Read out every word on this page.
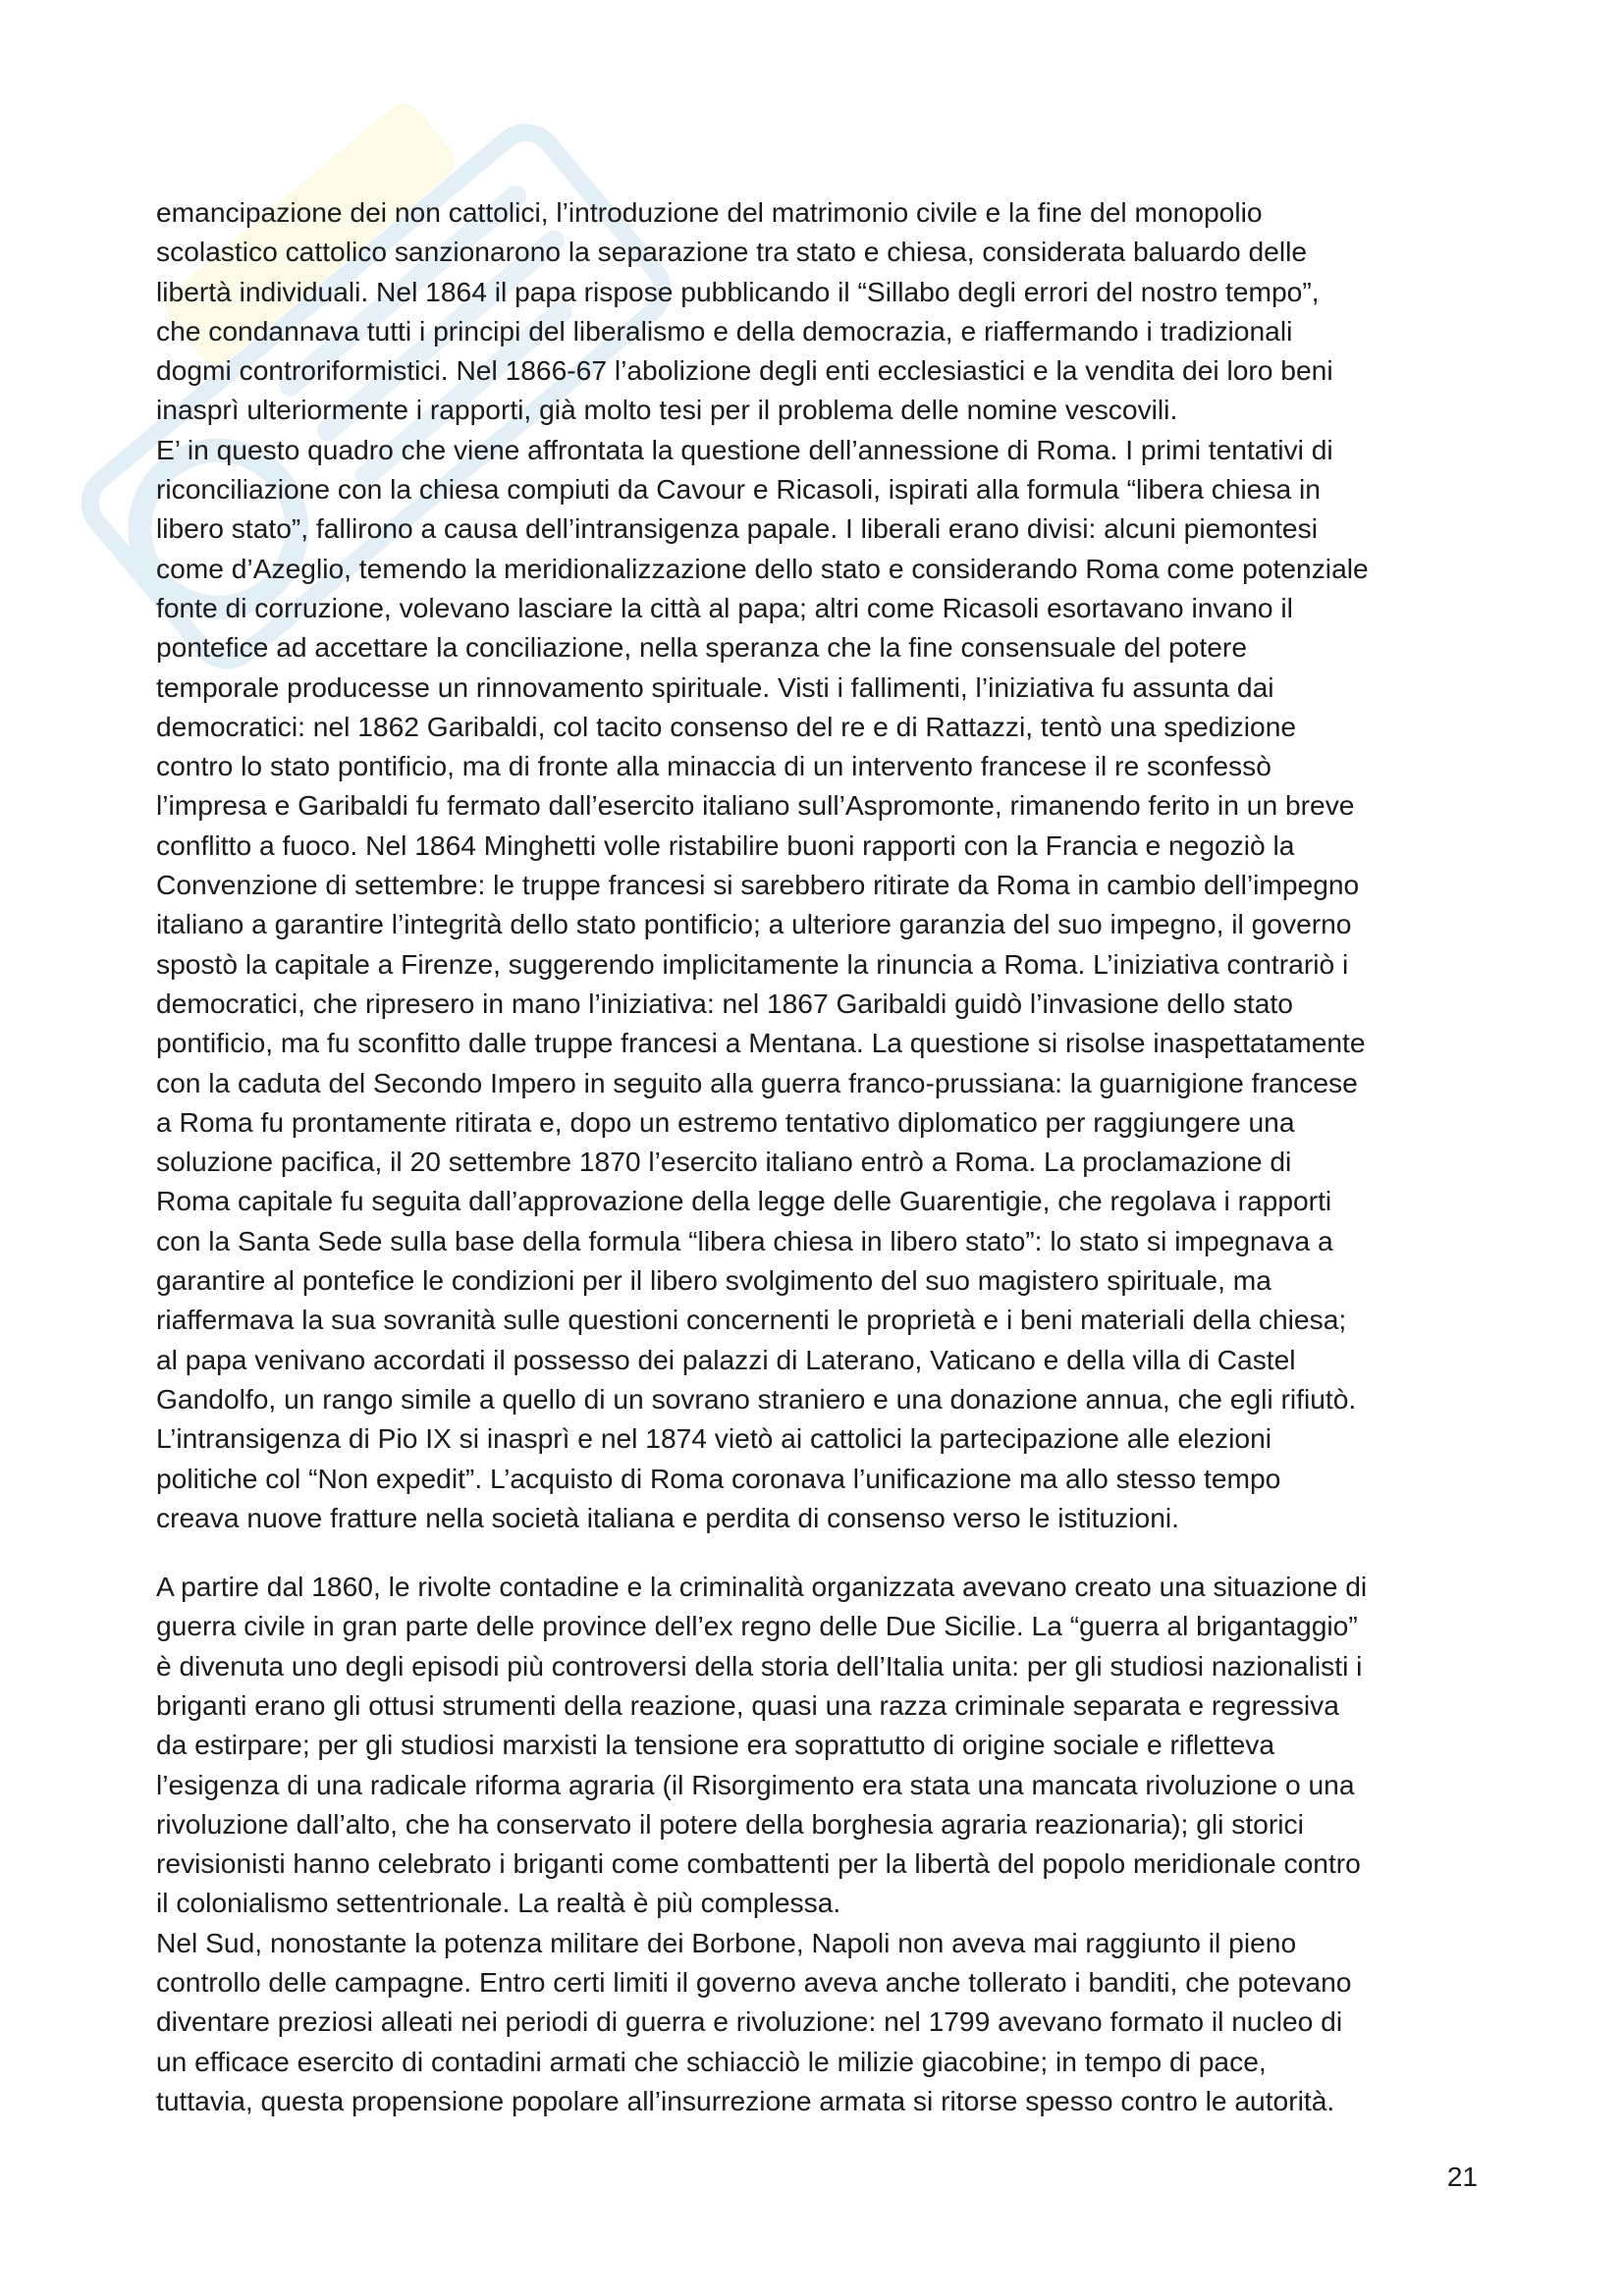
emancipazione dei non cattolici, l’introduzione del matrimonio civile e la fine del monopolio
scolastico cattolico sanzionarono la separazione tra stato e chiesa, considerata baluardo delle
libertà individuali. Nel 1864 il papa rispose pubblicando il “Sillabo degli errori del nostro tempo”,
che condannava tutti i principi del liberalismo e della democrazia, e riaffermando i tradizionali
dogmi controriformistici. Nel 1866-67 l’abolizione degli enti ecclesiastici e la vendita dei loro beni
inasprì ulteriormente i rapporti, già molto tesi per il problema delle nomine vescovili.
E’ in questo quadro che viene affrontata la questione dell’annessione di Roma. I primi tentativi di
riconciliazione con la chiesa compiuti da Cavour e Ricasoli, ispirati alla formula “libera chiesa in
libero stato”, fallirono a causa dell’intransigenza papale. I liberali erano divisi: alcuni piemontesi
come d’Azeglio, temendo la meridionalizzazione dello stato e considerando Roma come potenziale
fonte di corruzione, volevano lasciare la città al papa; altri come Ricasoli esortavano invano il
pontefice ad accettare la conciliazione, nella speranza che la fine consensuale del potere
temporale producesse un rinnovamento spirituale. Visti i fallimenti, l’iniziativa fu assunta dai
democratici: nel 1862 Garibaldi, col tacito consenso del re e di Rattazzi, tentò una spedizione
contro lo stato pontificio, ma di fronte alla minaccia di un intervento francese il re sconfessò
l’impresa e Garibaldi fu fermato dall’esercito italiano sull’Aspromonte, rimanendo ferito in un breve
conflitto a fuoco. Nel 1864 Minghetti volle ristabilire buoni rapporti con la Francia e negoziò la
Convenzione di settembre: le truppe francesi si sarebbero ritirate da Roma in cambio dell’impegno
italiano a garantire l’integrità dello stato pontificio; a ulteriore garanzia del suo impegno, il governo
spostò la capitale a Firenze, suggerendo implicitamente la rinuncia a Roma. L’iniziativa contrariò i
democratici, che ripresero in mano l’iniziativa: nel 1867 Garibaldi guidò l’invasione dello stato
pontificio, ma fu sconfitto dalle truppe francesi a Mentana. La questione si risolse inaspettatamente
con la caduta del Secondo Impero in seguito alla guerra franco-prussiana: la guarnigione francese
a Roma fu prontamente ritirata e, dopo un estremo tentativo diplomatico per raggiungere una
soluzione pacifica, il 20 settembre 1870 l’esercito italiano entrò a Roma. La proclamazione di
Roma capitale fu seguita dall’approvazione della legge delle Guarentigie, che regolava i rapporti
con la Santa Sede sulla base della formula “libera chiesa in libero stato”: lo stato si impegnava a
garantire al pontefice le condizioni per il libero svolgimento del suo magistero spirituale, ma
riaffermava la sua sovranità sulle questioni concernenti le proprietà e i beni materiali della chiesa;
al papa venivano accordati il possesso dei palazzi di Laterano, Vaticano e della villa di Castel
Gandolfo, un rango simile a quello di un sovrano straniero e una donazione annua, che egli rifiutò.
L’intransigenza di Pio IX si inasprì e nel 1874 vietò ai cattolici la partecipazione alle elezioni
politiche col “Non expedit”. L’acquisto di Roma coronava l’unificazione ma allo stesso tempo
creava nuove fratture nella società italiana e perdita di consenso verso le istituzioni.
A partire dal 1860, le rivolte contadine e la criminalità organizzata avevano creato una situazione di
guerra civile in gran parte delle province dell’ex regno delle Due Sicilie. La “guerra al brigantaggio”
è divenuta uno degli episodi più controversi della storia dell’Italia unita: per gli studiosi nazionalisti i
briganti erano gli ottusi strumenti della reazione, quasi una razza criminale separata e regressiva
da estirpare; per gli studiosi marxisti la tensione era soprattutto di origine sociale e rifletteva
l’esigenza di una radicale riforma agraria (il Risorgimento era stata una mancata rivoluzione o una
rivoluzione dall’alto, che ha conservato il potere della borghesia agraria reazionaria); gli storici
revisionisti hanno celebrato i briganti come combattenti per la libertà del popolo meridionale contro
il colonialismo settentrionale. La realtà è più complessa.
Nel Sud, nonostante la potenza militare dei Borbone, Napoli non aveva mai raggiunto il pieno
controllo delle campagne. Entro certi limiti il governo aveva anche tollerato i banditi, che potevano
diventare preziosi alleati nei periodi di guerra e rivoluzione: nel 1799 avevano formato il nucleo di
un efficace esercito di contadini armati che schiacciò le milizie giacobine; in tempo di pace,
tuttavia, questa propensione popolare all’insurrezione armata si ritorse spesso contro le autorità.
21
